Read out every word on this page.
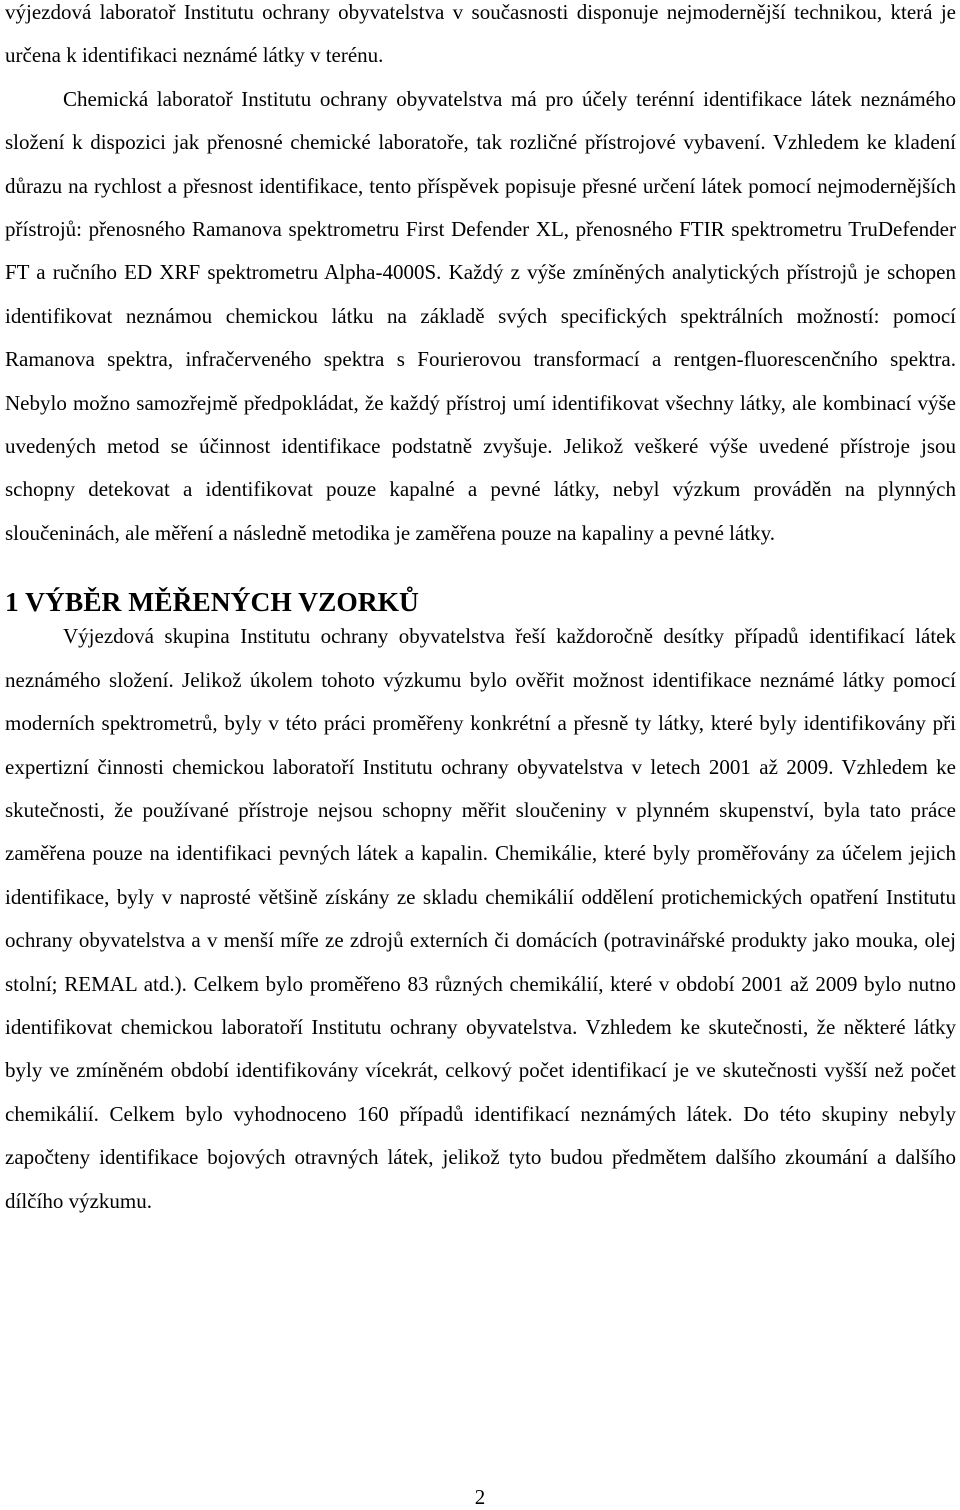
výjezdová laboratoř Institutu ochrany obyvatelstva v současnosti disponuje nejmodernější technikou, která je určena k identifikaci neznámé látky v terénu.

Chemická laboratoř Institutu ochrany obyvatelstva má pro účely terénní identifikace látek neznámého složení k dispozici jak přenosné chemické laboratoře, tak rozličné přístrojové vybavení. Vzhledem ke kladení důrazu na rychlost a přesnost identifikace, tento příspěvek popisuje přesné určení látek pomocí nejmodernějších přístrojů: přenosného Ramanova spektrometru First Defender XL, přenosného FTIR spektrometru TruDefender FT a ručního ED XRF spektrometru Alpha-4000S. Každý z výše zmíněných analytických přístrojů je schopen identifikovat neznámou chemickou látku na základě svých specifických spektrálních možností: pomocí Ramanova spektra, infračerveného spektra s Fourierovou transformací a rentgen-fluorescenčního spektra. Nebylo možno samozřejmě předpokládat, že každý přístroj umí identifikovat všechny látky, ale kombinací výše uvedených metod se účinnost identifikace podstatně zvyšuje. Jelikož veškeré výše uvedené přístroje jsou schopny detekovat a identifikovat pouze kapalné a pevné látky, nebyl výzkum prováděn na plynných sloučeninách, ale měření a následně metodika je zaměřena pouze na kapaliny a pevné látky.

1 VÝBĚR MĚŘENÝCH VZORKŮ

Výjezdová skupina Institutu ochrany obyvatelstva řeší každoročně desítky případů identifikací látek neznámého složení. Jelikož úkolem tohoto výzkumu bylo ověřit možnost identifikace neznámé látky pomocí moderních spektrometrů, byly v této práci proměřeny konkrétní a přesně ty látky, které byly identifikovány při expertizní činnosti chemickou laboratoří Institutu ochrany obyvatelstva v letech 2001 až 2009. Vzhledem ke skutečnosti, že používané přístroje nejsou schopny měřit sloučeniny v plynném skupenství, byla tato práce zaměřena pouze na identifikaci pevných látek a kapalin. Chemikálie, které byly proměřovány za účelem jejich identifikace, byly v naprosté většině získány ze skladu chemikálií oddělení protichemických opatření Institutu ochrany obyvatelstva a v menší míře ze zdrojů externích či domácích (potravinářské produkty jako mouka, olej stolní; REMAL atd.). Celkem bylo proměřeno 83 různých chemikálií, které v období 2001 až 2009 bylo nutno identifikovat chemickou laboratoří Institutu ochrany obyvatelstva. Vzhledem ke skutečnosti, že některé látky byly ve zmíněném období identifikovány vícekrát, celkový počet identifikací je ve skutečnosti vyšší než počet chemikálií. Celkem bylo vyhodnoceno 160 případů identifikací neznámých látek. Do této skupiny nebyly započteny identifikace bojových otravných látek, jelikož tyto budou předmětem dalšího zkoumání a dalšího dílčího výzkumu.

2
